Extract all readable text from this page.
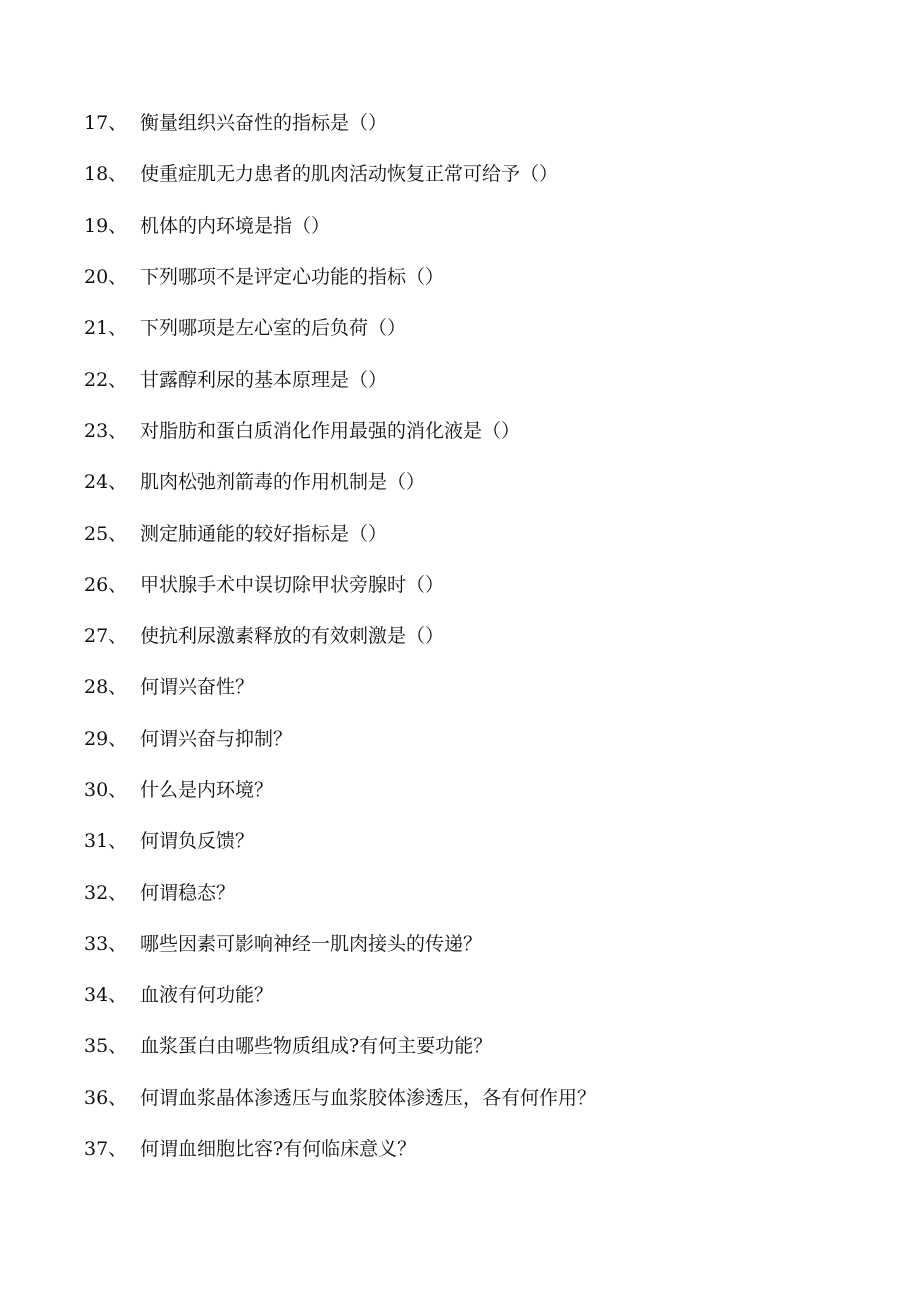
17、 衡量组织兴奋性的指标是（）
18、 使重症肌无力患者的肌肉活动恢复正常可给予（）
19、 机体的内环境是指（）
20、 下列哪项不是评定心功能的指标（）
21、 下列哪项是左心室的后负荷（）
22、 甘露醇利尿的基本原理是（）
23、 对脂肪和蛋白质消化作用最强的消化液是（）
24、 肌肉松弛剂箭毒的作用机制是（）
25、 测定肺通能的较好指标是（）
26、 甲状腺手术中误切除甲状旁腺时（）
27、 使抗利尿激素释放的有效刺激是（）
28、 何谓兴奋性？
29、 何谓兴奋与抑制？
30、 什么是内环境？
31、 何谓负反馈？
32、 何谓稳态？
33、 哪些因素可影响神经一肌肉接头的传递？
34、 血液有何功能？
35、 血浆蛋白由哪些物质组成?有何主要功能？
36、 何谓血浆晶体渗透压与血浆胶体渗透压，各有何作用？
37、 何谓血细胞比容?有何临床意义？
